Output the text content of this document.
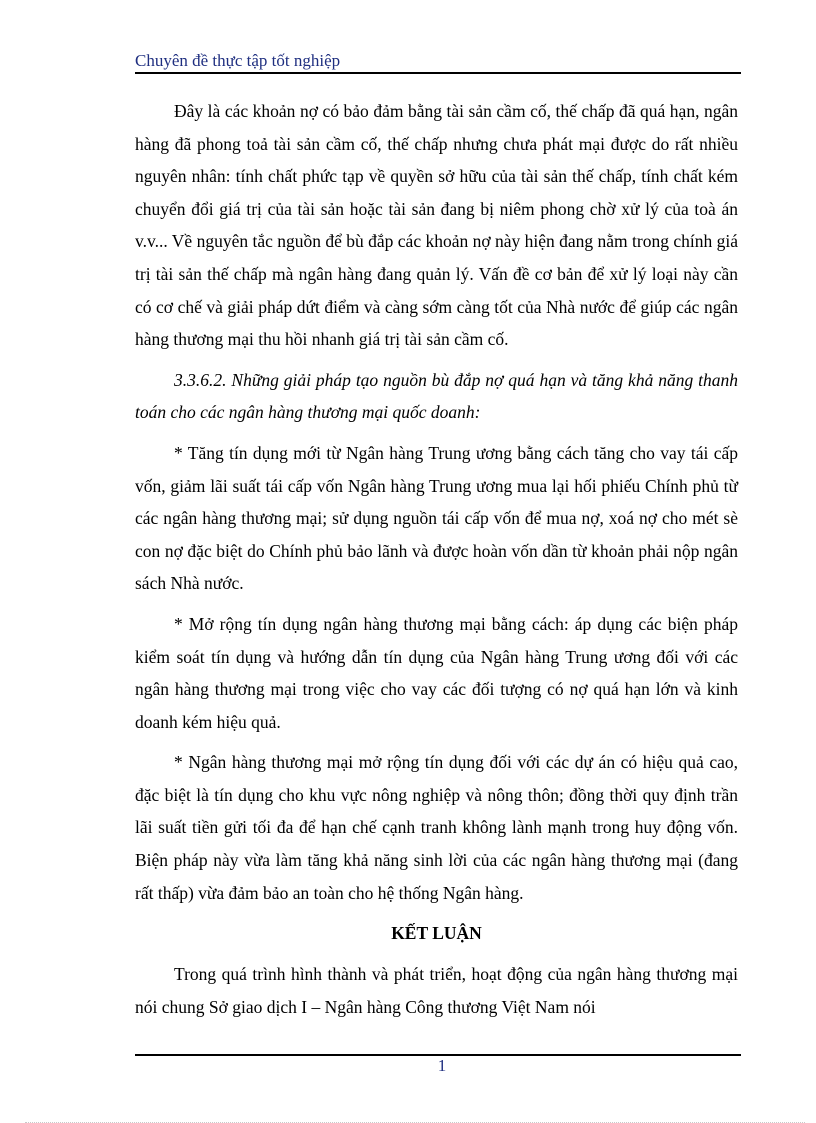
Chuyên đề thực tập tốt nghiệp

Đây là các khoản nợ có bảo đảm bằng tài sản cầm cố, thế chấp đã quá hạn, ngân hàng đã phong toả tài sản cầm cố, thế chấp nhưng chưa phát mại được do rất nhiều nguyên nhân: tính chất phức tạp về quyền sở hữu của tài sản thế chấp, tính chất kém chuyển đổi giá trị của tài sản hoặc tài sản đang bị niêm phong chờ xử lý của toà án v.v... Về nguyên tắc nguồn để bù đắp các khoản nợ này hiện đang nằm trong chính giá trị tài sản thế chấp mà ngân hàng đang quản lý. Vấn đề cơ bản để xử lý loại này cần có cơ chế và giải pháp dứt điểm và càng sớm càng tốt của Nhà nước để giúp các ngân hàng thương mại thu hồi nhanh giá trị tài sản cầm cố.

3.3.6.2. Những giải pháp tạo nguồn bù đắp nợ quá hạn và tăng khả năng thanh toán cho các ngân hàng thương mại quốc doanh:

* Tăng tín dụng mới từ Ngân hàng Trung ương bằng cách tăng cho vay tái cấp vốn, giảm lãi suất tái cấp vốn Ngân hàng Trung ương mua lại hối phiếu Chính phủ từ các ngân hàng thương mại; sử dụng nguồn tái cấp vốn để mua nợ, xoá nợ cho mét sè con nợ đặc biệt do Chính phủ bảo lãnh và được hoàn vốn dần từ khoản phải nộp ngân sách Nhà nước.

* Mở rộng tín dụng ngân hàng thương mại bằng cách: áp dụng các biện pháp kiểm soát tín dụng và hướng dẫn tín dụng của Ngân hàng Trung ương đối với các ngân hàng thương mại trong việc cho vay các đối tượng có nợ quá hạn lớn và kinh doanh kém hiệu quả.

* Ngân hàng thương mại mở rộng tín dụng đối với các dự án có hiệu quả cao, đặc biệt là tín dụng cho khu vực nông nghiệp và nông thôn; đồng thời quy định trần lãi suất tiền gửi tối đa để hạn chế cạnh tranh không lành mạnh trong huy động vốn. Biện pháp này vừa làm tăng khả năng sinh lời của các ngân hàng thương mại (đang rất thấp) vừa đảm bảo an toàn cho hệ thống Ngân hàng.

KẾT LUẬN

Trong quá trình hình thành và phát triển, hoạt động của ngân hàng thương mại nói chung Sở giao dịch I – Ngân hàng Công thương Việt Nam nói

1
